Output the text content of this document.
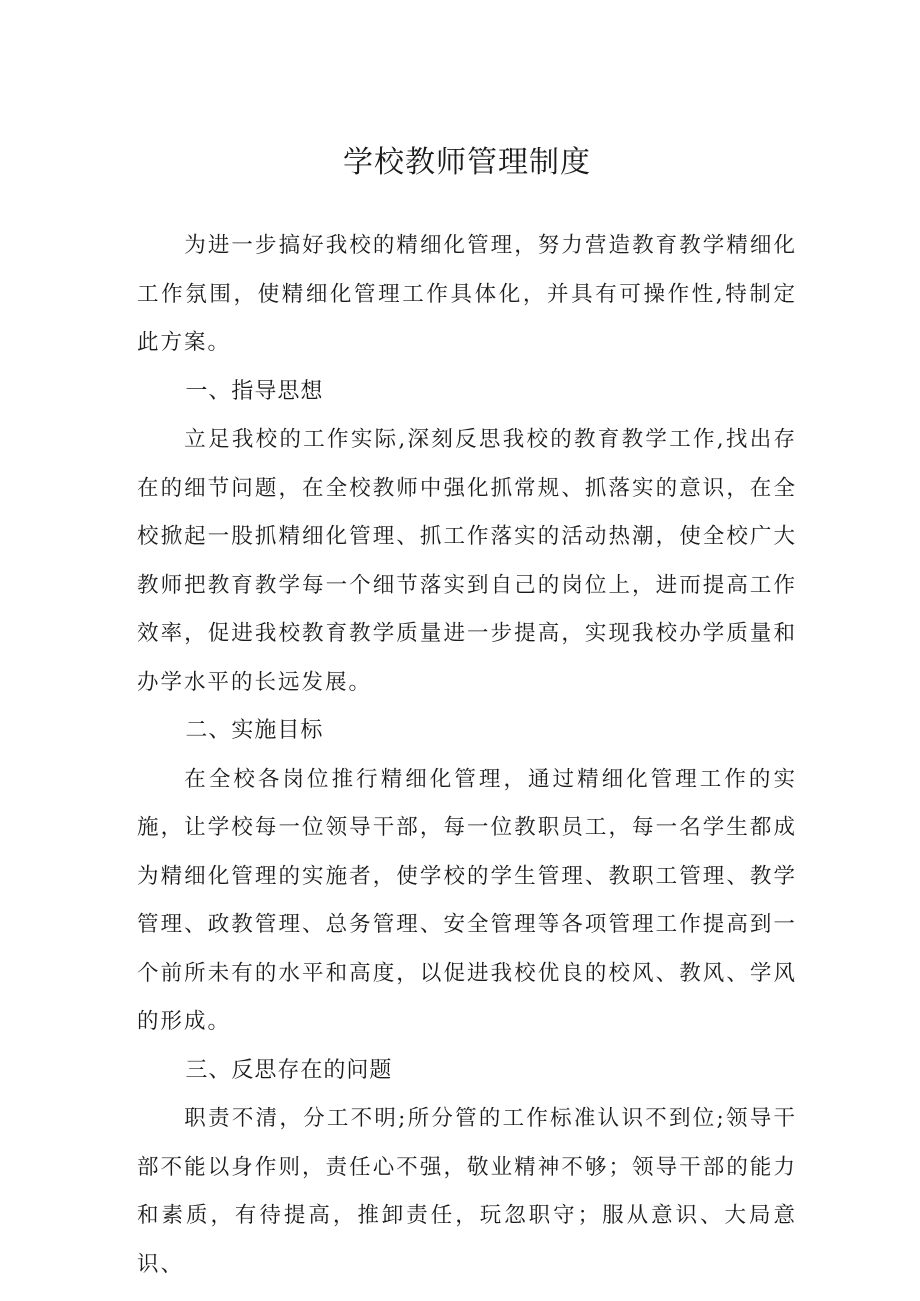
学校教师管理制度

为进一步搞好我校的精细化管理，努力营造教育教学精细化工作氛围，使精细化管理工作具体化，并具有可操作性,特制定此方案。

一、指导思想

立足我校的工作实际,深刻反思我校的教育教学工作,找出存在的细节问题，在全校教师中强化抓常规、抓落实的意识，在全校掀起一股抓精细化管理、抓工作落实的活动热潮，使全校广大教师把教育教学每一个细节落实到自己的岗位上，进而提高工作效率，促进我校教育教学质量进一步提高，实现我校办学质量和办学水平的长远发展。

二、实施目标

在全校各岗位推行精细化管理，通过精细化管理工作的实施，让学校每一位领导干部，每一位教职员工，每一名学生都成为精细化管理的实施者，使学校的学生管理、教职工管理、教学管理、政教管理、总务管理、安全管理等各项管理工作提高到一个前所未有的水平和高度，以促进我校优良的校风、教风、学风的形成。

三、反思存在的问题

职责不清，分工不明;所分管的工作标准认识不到位;领导干部不能以身作则，责任心不强，敬业精神不够；领导干部的能力和素质，有待提高，推卸责任，玩忽职守；服从意识、大局意识、
